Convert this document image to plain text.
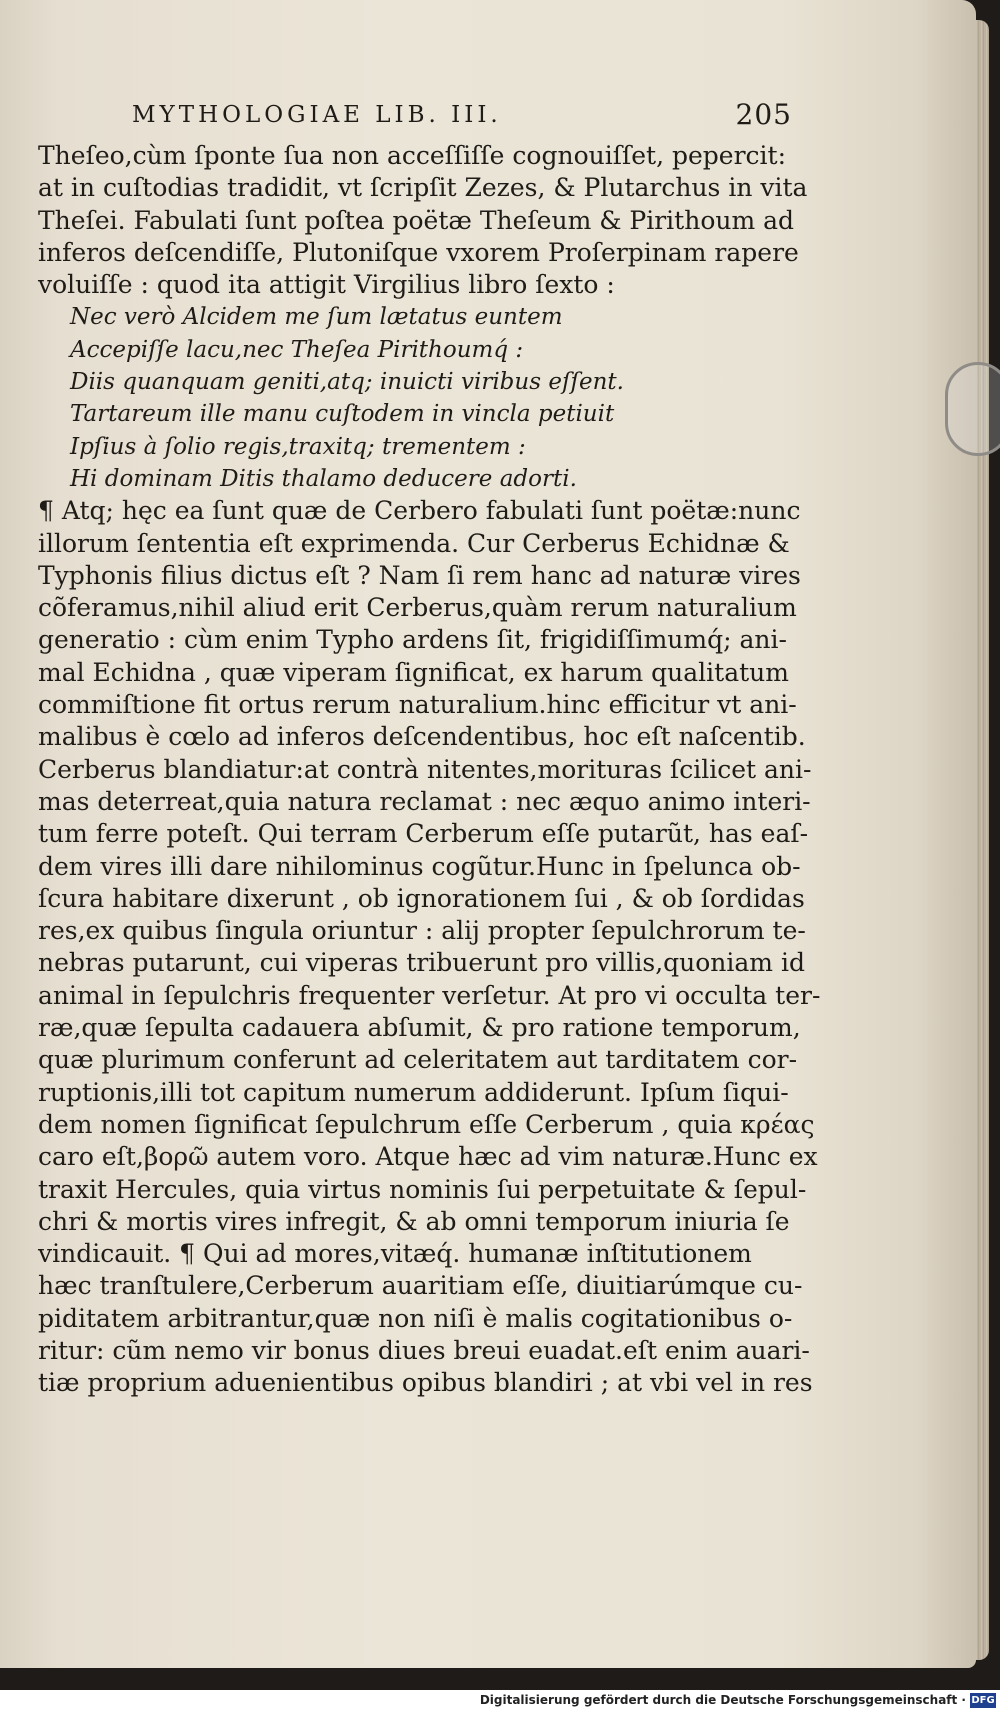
MYTHOLOGIAE LIB. III.	205
Theſeo,cùm ſponte ſua non acceſſiſſe cognouiſſet, pepercit:
at in cuſtodias tradidit, vt ſcripſit Zezes, & Plutarchus in vita
Theſei. Fabulati ſunt poſtea poëtæ Theſeum & Pirithoum ad
inferos deſcendiſſe, Plutoniſque vxorem Proſerpinam rapere
voluiſſe : quod ita attigit Virgilius libro ſexto :
Nec verò Alcidem me ſum lætatus euntem
Accepiſſe lacu,nec Theſea Pirithoumq́ :
Diis quanquam geniti,atq; inuicti viribus eſſent.
Tartareum ille manu cuſtodem in vincla petiuit
Ipſius à ſolio regis,traxitq; trementem :
Hi dominam Ditis thalamo deducere adorti.
¶ Atq; hęc ea ſunt quæ de Cerbero fabulati ſunt poëtæ:nunc
illorum ſententia eſt exprimenda. Cur Cerberus Echidnæ &
Typhonis filius dictus eſt ? Nam ſi rem hanc ad naturæ vires
cõferamus,nihil aliud erit Cerberus,quàm rerum naturalium
generatio : cùm enim Typho ardens ſit, frigidiſſimumq́; ani-
mal Echidna , quæ viperam ſignificat, ex harum qualitatum
commiſtione fit ortus rerum naturalium.hinc efficitur vt ani-
malibus è cœlo ad inferos deſcendentibus, hoc eſt naſcentib.
Cerberus blandiatur:at contrà nitentes,morituras ſcilicet ani-
mas deterreat,quia natura reclamat : nec æquo animo interi-
tum ferre poteſt. Qui terram Cerberum eſſe putarũt, has eaſ-
dem vires illi dare nihilominus cogũtur.Hunc in ſpelunca ob-
ſcura habitare dixerunt , ob ignorationem ſui , & ob ſordidas
res,ex quibus ſingula oriuntur : alij propter ſepulchrorum te-
nebras putarunt, cui viperas tribuerunt pro villis,quoniam id
animal in ſepulchris frequenter verſetur. At pro vi occulta ter-
ræ,quæ ſepulta cadauera abſumit, & pro ratione temporum,
quæ plurimum conferunt ad celeritatem aut tarditatem cor-
ruptionis,illi tot capitum numerum addiderunt. Ipſum ſiqui-
dem nomen ſignificat ſepulchrum eſſe Cerberum , quia κρέας
caro eſt,βορῶ autem voro. Atque hæc ad vim naturæ.Hunc ex
traxit Hercules, quia virtus nominis ſui perpetuitate & ſepul-
chri & mortis vires infregit, & ab omni temporum iniuria ſe
vindicauit. ¶ Qui ad mores,vitæq́. humanæ inſtitutionem
hæc tranſtulere,Cerberum auaritiam eſſe, diuitiarúmque cu-
piditatem arbitrantur,quæ non niſi è malis cogitationibus o-
ritur: cũm nemo vir bonus diues breui euadat.eſt enim auari-
tiæ proprium aduenientibus opibus blandiri ; at vbi vel in res
Digitalisierung gefördert durch die Deutsche Forschungsgemeinschaft · DFG
